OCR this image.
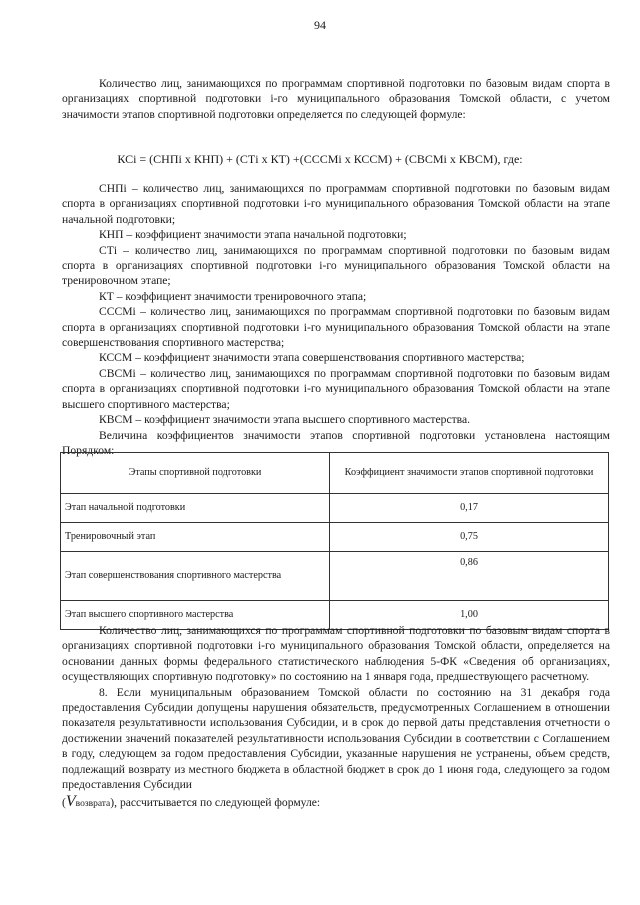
94

Количество лиц, занимающихся по программам спортивной подготовки по базовым видам спорта в организациях спортивной подготовки i-го муниципального образования Томской области, с учетом значимости этапов спортивной подготовки определяется по следующей формуле:

КСi = (СНПi x КНП) + (СТi x КТ) +(СССМi x КССМ) + (СВСМi x КВСМ), где:

СНПi – количество лиц, занимающихся по программам спортивной подготовки по базовым видам спорта в организациях спортивной подготовки i-го муниципального образования Томской области на этапе начальной подготовки;

КНП – коэффициент значимости этапа начальной подготовки;

СТi – количество лиц, занимающихся по программам спортивной подготовки по базовым видам спорта в организациях спортивной подготовки i-го муниципального образования Томской области на тренировочном этапе;

КТ – коэффициент значимости тренировочного этапа;

СССМi – количество лиц, занимающихся по программам спортивной подготовки по базовым видам спорта в организациях спортивной подготовки i-го муниципального образования Томской области на этапе совершенствования спортивного мастерства;

КССМ – коэффициент значимости этапа совершенствования спортивного мастерства;

СВСМi – количество лиц, занимающихся по программам спортивной подготовки по базовым видам спорта в организациях спортивной подготовки i-го муниципального образования Томской области на этапе высшего спортивного мастерства;

КВСМ – коэффициент значимости этапа высшего спортивного мастерства.

Величина коэффициентов значимости этапов спортивной подготовки установлена настоящим Порядком:

Этапы спортивной подготовки	Коэффициент значимости этапов спортивной подготовки
Этап начальной подготовки	0,17
Тренировочный этап	0,75
Этап совершенствования спортивного мастерства	0,86
Этап высшего спортивного мастерства	1,00

Количество лиц, занимающихся по программам спортивной подготовки по базовым видам спорта в организациях спортивной подготовки i-го муниципального образования Томской области, определяется на основании данных формы федерального статистического наблюдения 5-ФК «Сведения об организациях, осуществляющих спортивную подготовку» по состоянию на 1 января года, предшествующего расчетному.

8. Если муниципальным образованием Томской области по состоянию на 31 декабря года предоставления Субсидии допущены нарушения обязательств, предусмотренных Соглашением в отношении показателя результативности использования Субсидии, и в срок до первой даты представления отчетности о достижении значений показателей результативности использования Субсидии в соответствии с Соглашением в году, следующем за годом предоставления Субсидии, указанные нарушения не устранены, объем средств, подлежащий возврату из местного бюджета в областной бюджет в срок до 1 июня года, следующего за годом предоставления Субсидии

(Vвозврата), рассчитывается по следующей формуле:
